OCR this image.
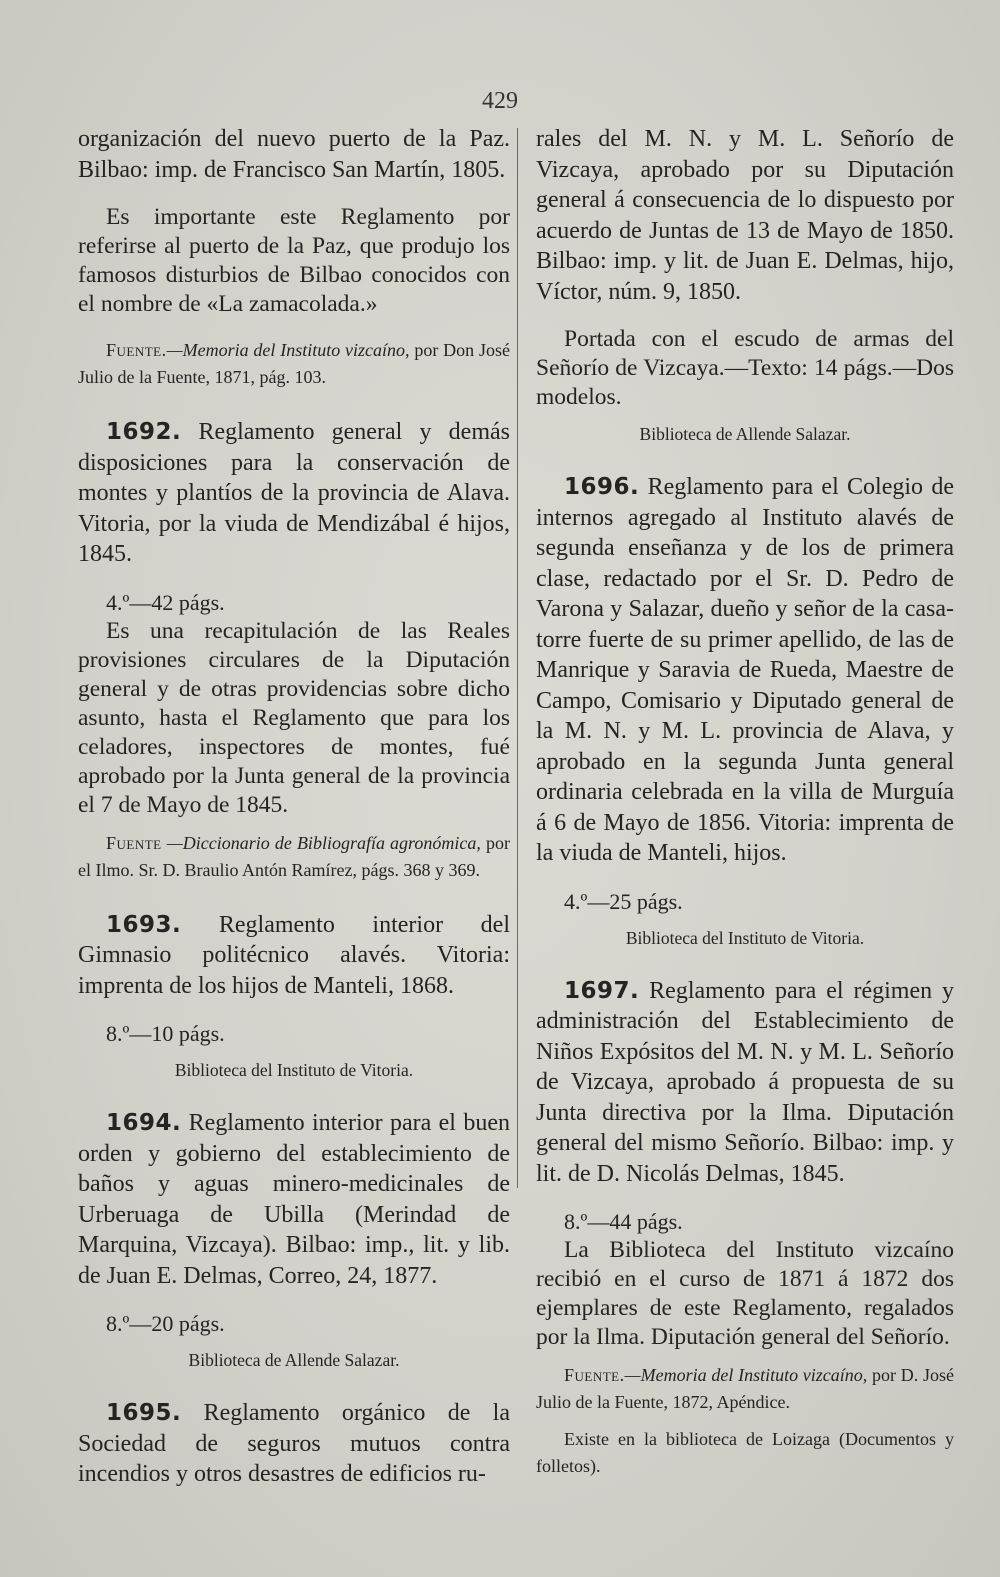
429

organización del nuevo puerto de la Paz. Bilbao: imp. de Francisco San Martín, 1805.

Es importante este Reglamento por referirse al puerto de la Paz, que produjo los famosos disturbios de Bilbao conocidos con el nombre de «La zamacolada.»

Fuente.—Memoria del Instituto vizcaíno, por Don José Julio de la Fuente, 1871, pág. 103.

1692. Reglamento general y demás disposiciones para la conservación de montes y plantíos de la provincia de Alava. Vitoria, por la viuda de Mendizábal é hijos, 1845.

4.º—42 págs.

Es una recapitulación de las Reales provisiones circulares de la Diputación general y de otras providencias sobre dicho asunto, hasta el Reglamento que para los celadores, inspectores de montes, fué aprobado por la Junta general de la provincia el 7 de Mayo de 1845.

Fuente —Diccionario de Bibliografía agronómica, por el Ilmo. Sr. D. Braulio Antón Ramírez, págs. 368 y 369.

1693. Reglamento interior del Gimnasio politécnico alavés. Vitoria: imprenta de los hijos de Manteli, 1868.

8.º—10 págs.

Biblioteca del Instituto de Vitoria.

1694. Reglamento interior para el buen orden y gobierno del establecimiento de baños y aguas minero-medicinales de Urberuaga de Ubilla (Merindad de Marquina, Vizcaya). Bilbao: imp., lit. y lib. de Juan E. Delmas, Correo, 24, 1877.

8.º—20 págs.

Biblioteca de Allende Salazar.

1695. Reglamento orgánico de la Sociedad de seguros mutuos contra incendios y otros desastres de edificios ru-

rales del M. N. y M. L. Señorío de Vizcaya, aprobado por su Diputación general á consecuencia de lo dispuesto por acuerdo de Juntas de 13 de Mayo de 1850. Bilbao: imp. y lit. de Juan E. Delmas, hijo, Víctor, núm. 9, 1850.

Portada con el escudo de armas del Señorío de Vizcaya.—Texto: 14 págs.—Dos modelos.

Biblioteca de Allende Salazar.

1696. Reglamento para el Colegio de internos agregado al Instituto alavés de segunda enseñanza y de los de primera clase, redactado por el Sr. D. Pedro de Varona y Salazar, dueño y señor de la casa-torre fuerte de su primer apellido, de las de Manrique y Saravia de Rueda, Maestre de Campo, Comisario y Diputado general de la M. N. y M. L. provincia de Alava, y aprobado en la segunda Junta general ordinaria celebrada en la villa de Murguía á 6 de Mayo de 1856. Vitoria: imprenta de la viuda de Manteli, hijos.

4.º—25 págs.

Biblioteca del Instituto de Vitoria.

1697. Reglamento para el régimen y administración del Establecimiento de Niños Expósitos del M. N. y M. L. Señorío de Vizcaya, aprobado á propuesta de su Junta directiva por la Ilma. Diputación general del mismo Señorío. Bilbao: imp. y lit. de D. Nicolás Delmas, 1845.

8.º—44 págs.

La Biblioteca del Instituto vizcaíno recibió en el curso de 1871 á 1872 dos ejemplares de este Reglamento, regalados por la Ilma. Diputación general del Señorío.

Fuente.—Memoria del Instituto vizcaíno, por D. José Julio de la Fuente, 1872, Apéndice.

Existe en la biblioteca de Loizaga (Documentos y folletos).
